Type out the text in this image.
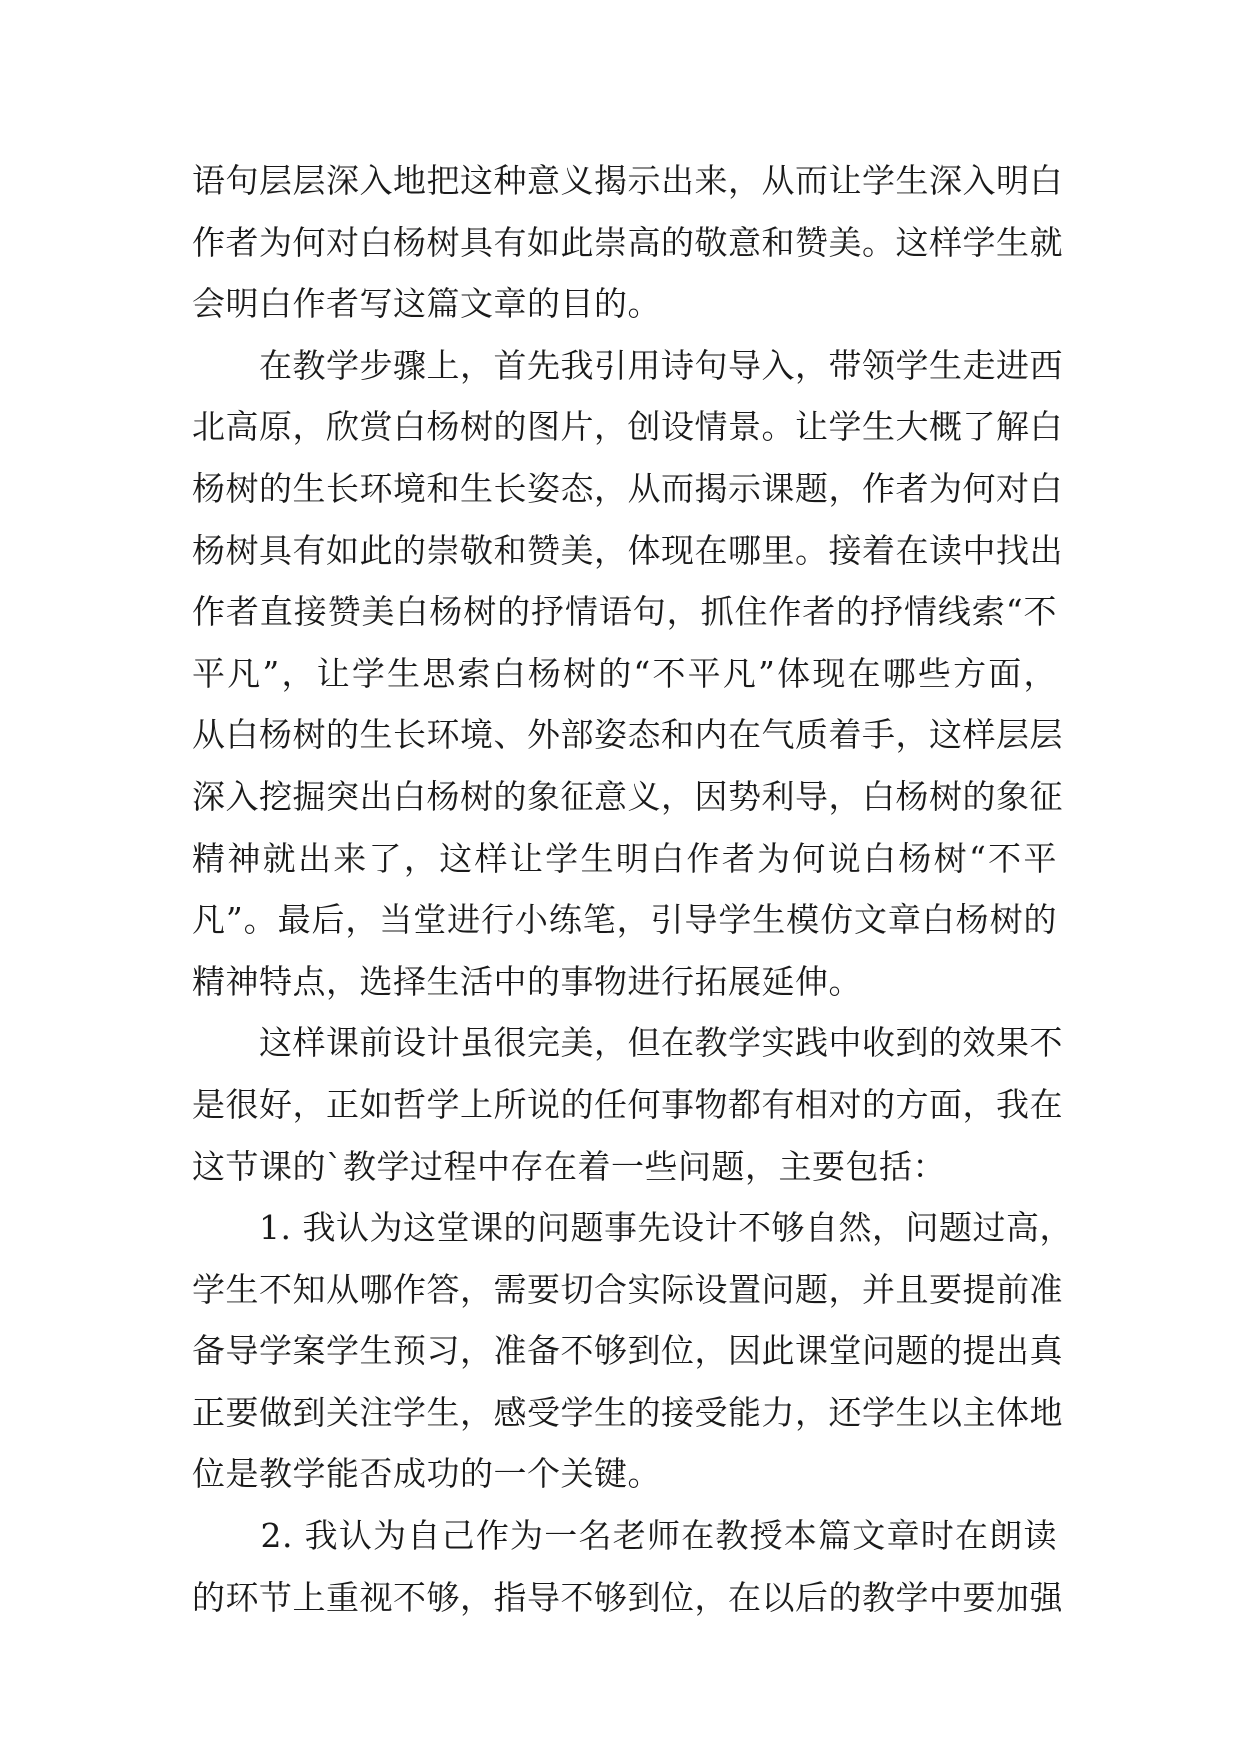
语句层层深入地把这种意义揭示出来，从而让学生深入明白
作者为何对白杨树具有如此崇高的敬意和赞美。这样学生就
会明白作者写这篇文章的目的。
　　在教学步骤上，首先我引用诗句导入，带领学生走进西
北高原，欣赏白杨树的图片，创设情景。让学生大概了解白
杨树的生长环境和生长姿态，从而揭示课题，作者为何对白
杨树具有如此的崇敬和赞美，体现在哪里。接着在读中找出
作者直接赞美白杨树的抒情语句，抓住作者的抒情线索“不
平凡”，让学生思索白杨树的“不平凡”体现在哪些方面，
从白杨树的生长环境、外部姿态和内在气质着手，这样层层
深入挖掘突出白杨树的象征意义，因势利导，白杨树的象征
精神就出来了，这样让学生明白作者为何说白杨树“不平
凡”。最后，当堂进行小练笔，引导学生模仿文章白杨树的
精神特点，选择生活中的事物进行拓展延伸。
　　这样课前设计虽很完美，但在教学实践中收到的效果不
是很好，正如哲学上所说的任何事物都有相对的方面，我在
这节课的`教学过程中存在着一些问题，主要包括：
　　1. 我认为这堂课的问题事先设计不够自然，问题过高，
学生不知从哪作答，需要切合实际设置问题，并且要提前准
备导学案学生预习，准备不够到位，因此课堂问题的提出真
正要做到关注学生，感受学生的接受能力，还学生以主体地
位是教学能否成功的一个关键。
　　2. 我认为自己作为一名老师在教授本篇文章时在朗读
的环节上重视不够，指导不够到位，在以后的教学中要加强
